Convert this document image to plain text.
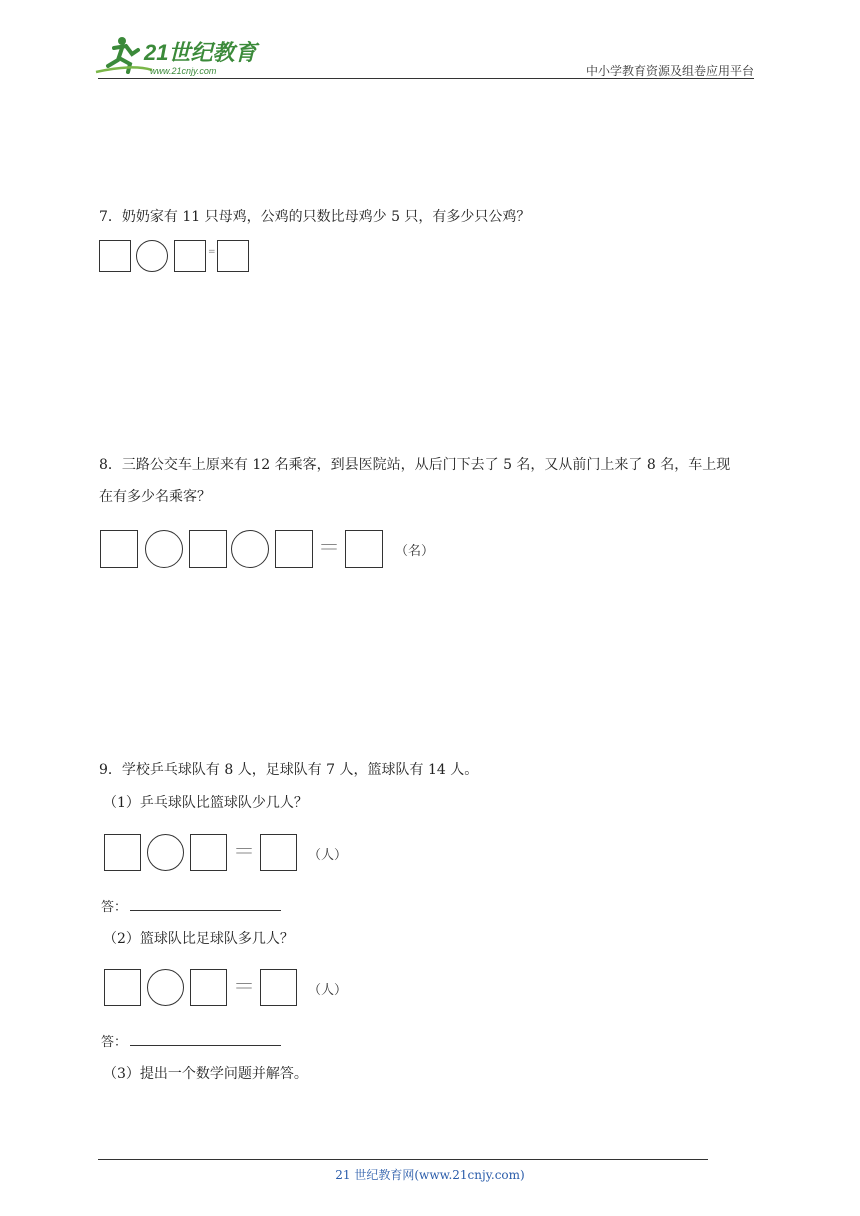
21世纪教育
www.21cnjy.com	中小学教育资源及组卷应用平台
7．奶奶家有 11 只母鸡，公鸡的只数比母鸡少 5 只，有多少只公鸡？
=
8．三路公交车上原来有 12 名乘客，到县医院站，从后门下去了 5 名，又从前门上来了 8 名，车上现
在有多少名乘客？
＝	（名）
9．学校乒乓球队有 8 人，足球队有 7 人，篮球队有 14 人。
（1）乒乓球队比篮球队少几人？
＝	（人）
答：
（2）篮球队比足球队多几人？
＝	（人）
答：
（3）提出一个数学问题并解答。
21 世纪教育网(www.21cnjy.com)
